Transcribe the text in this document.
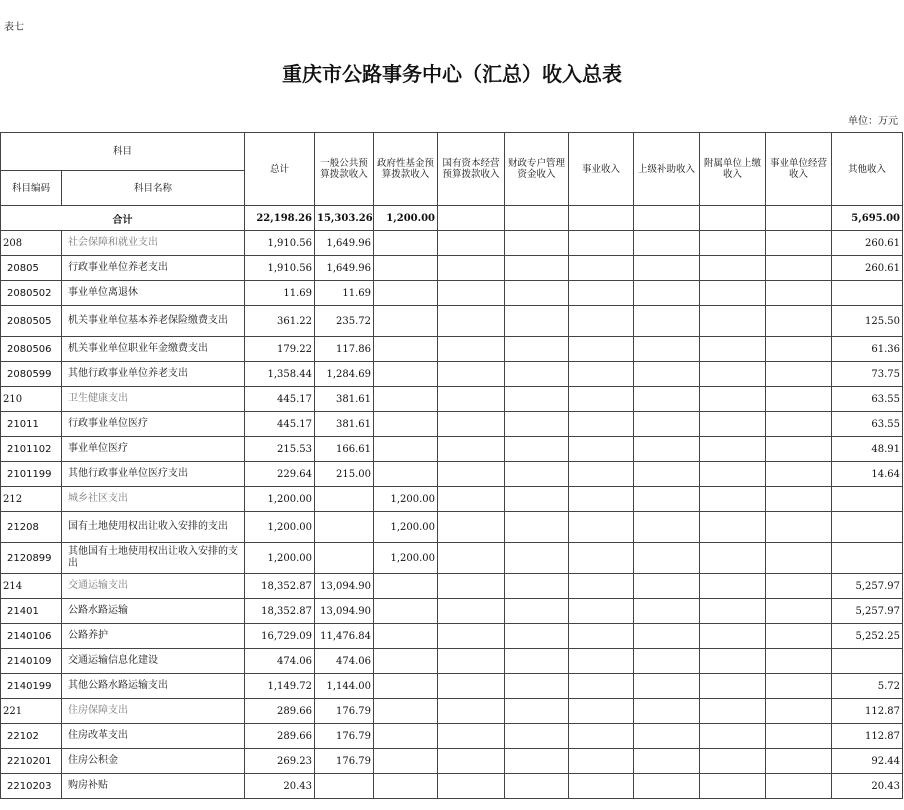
表七
重庆市公路事务中心（汇总）收入总表
单位：万元
科目		总计	一般公共预算拨款收入	政府性基金预算拨款收入	国有资本经营预算拨款收入	财政专户管理资金收入	事业收入	上级补助收入	附属单位上缴收入	事业单位经营收入	其他收入
科目编码	科目名称										
合计		22,198.26	15,303.26	1,200.00							5,695.00
208	社会保障和就业支出	1,910.56	1,649.96								260.61
20805	行政事业单位养老支出	1,910.56	1,649.96								260.61
2080502	事业单位离退休	11.69	11.69								
2080505	机关事业单位基本养老保险缴费支出	361.22	235.72								125.50
2080506	机关事业单位职业年金缴费支出	179.22	117.86								61.36
2080599	其他行政事业单位养老支出	1,358.44	1,284.69								73.75
210	卫生健康支出	445.17	381.61								63.55
21011	行政事业单位医疗	445.17	381.61								63.55
2101102	事业单位医疗	215.53	166.61								48.91
2101199	其他行政事业单位医疗支出	229.64	215.00								14.64
212	城乡社区支出	1,200.00		1,200.00							
21208	国有土地使用权出让收入安排的支出	1,200.00		1,200.00							
2120899	其他国有土地使用权出让收入安排的支出	1,200.00		1,200.00							
214	交通运输支出	18,352.87	13,094.90								5,257.97
21401	公路水路运输	18,352.87	13,094.90								5,257.97
2140106	公路养护	16,729.09	11,476.84								5,252.25
2140109	交通运输信息化建设	474.06	474.06								
2140199	其他公路水路运输支出	1,149.72	1,144.00								5.72
221	住房保障支出	289.66	176.79								112.87
22102	住房改革支出	289.66	176.79								112.87
2210201	住房公积金	269.23	176.79								92.44
2210203	购房补贴	20.43									20.43
